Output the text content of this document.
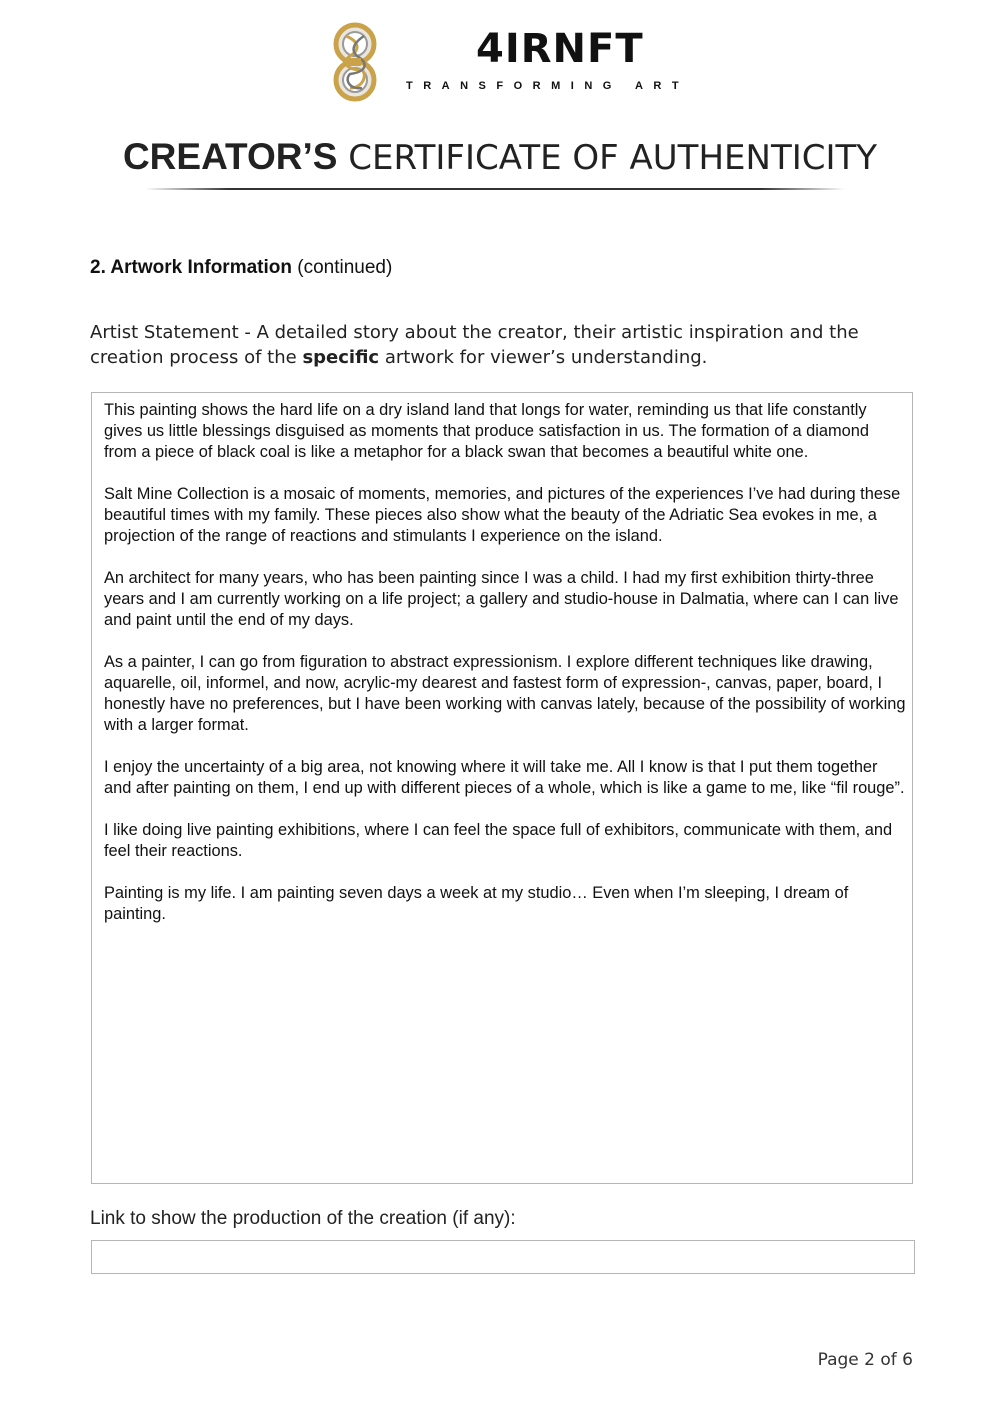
4IRNFT
TRANSFORMING ART
CREATOR’S CERTIFICATE OF AUTHENTICITY
2. Artwork Information (continued)
Artist Statement - A detailed story about the creator, their artistic inspiration and the creation process of the specific artwork for viewer’s understanding.

This painting shows the hard life on a dry island land that longs for water, reminding us that life constantly gives us little blessings disguised as moments that produce satisfaction in us. The formation of a diamond from a piece of black coal is like a metaphor for a black swan that becomes a beautiful white one.

Salt Mine Collection is a mosaic of moments, memories, and pictures of the experiences I’ve had during these beautiful times with my family. These pieces also show what the beauty of the Adriatic Sea evokes in me, a projection of the range of reactions and stimulants I experience on the island.

An architect for many years, who has been painting since I was a child. I had my first exhibition thirty-three years and I am currently working on a life project; a gallery and studio-house in Dalmatia, where can I can live and paint until the end of my days.

As a painter, I can go from figuration to abstract expressionism. I explore different techniques like drawing, aquarelle, oil, informel, and now, acrylic-my dearest and fastest form of expression-, canvas, paper, board, I honestly have no preferences, but I have been working with canvas lately, because of the possibility of working with a larger format.

I enjoy the uncertainty of a big area, not knowing where it will take me. All I know is that I put them together and after painting on them, I end up with different pieces of a whole, which is like a game to me, like “fil rouge”.

I like doing live painting exhibitions, where I can feel the space full of exhibitors, communicate with them, and feel their reactions.

Painting is my life. I am painting seven days a week at my studio… Even when I’m sleeping, I dream of painting.

Link to show the production of the creation (if any):
Page 2 of 6
